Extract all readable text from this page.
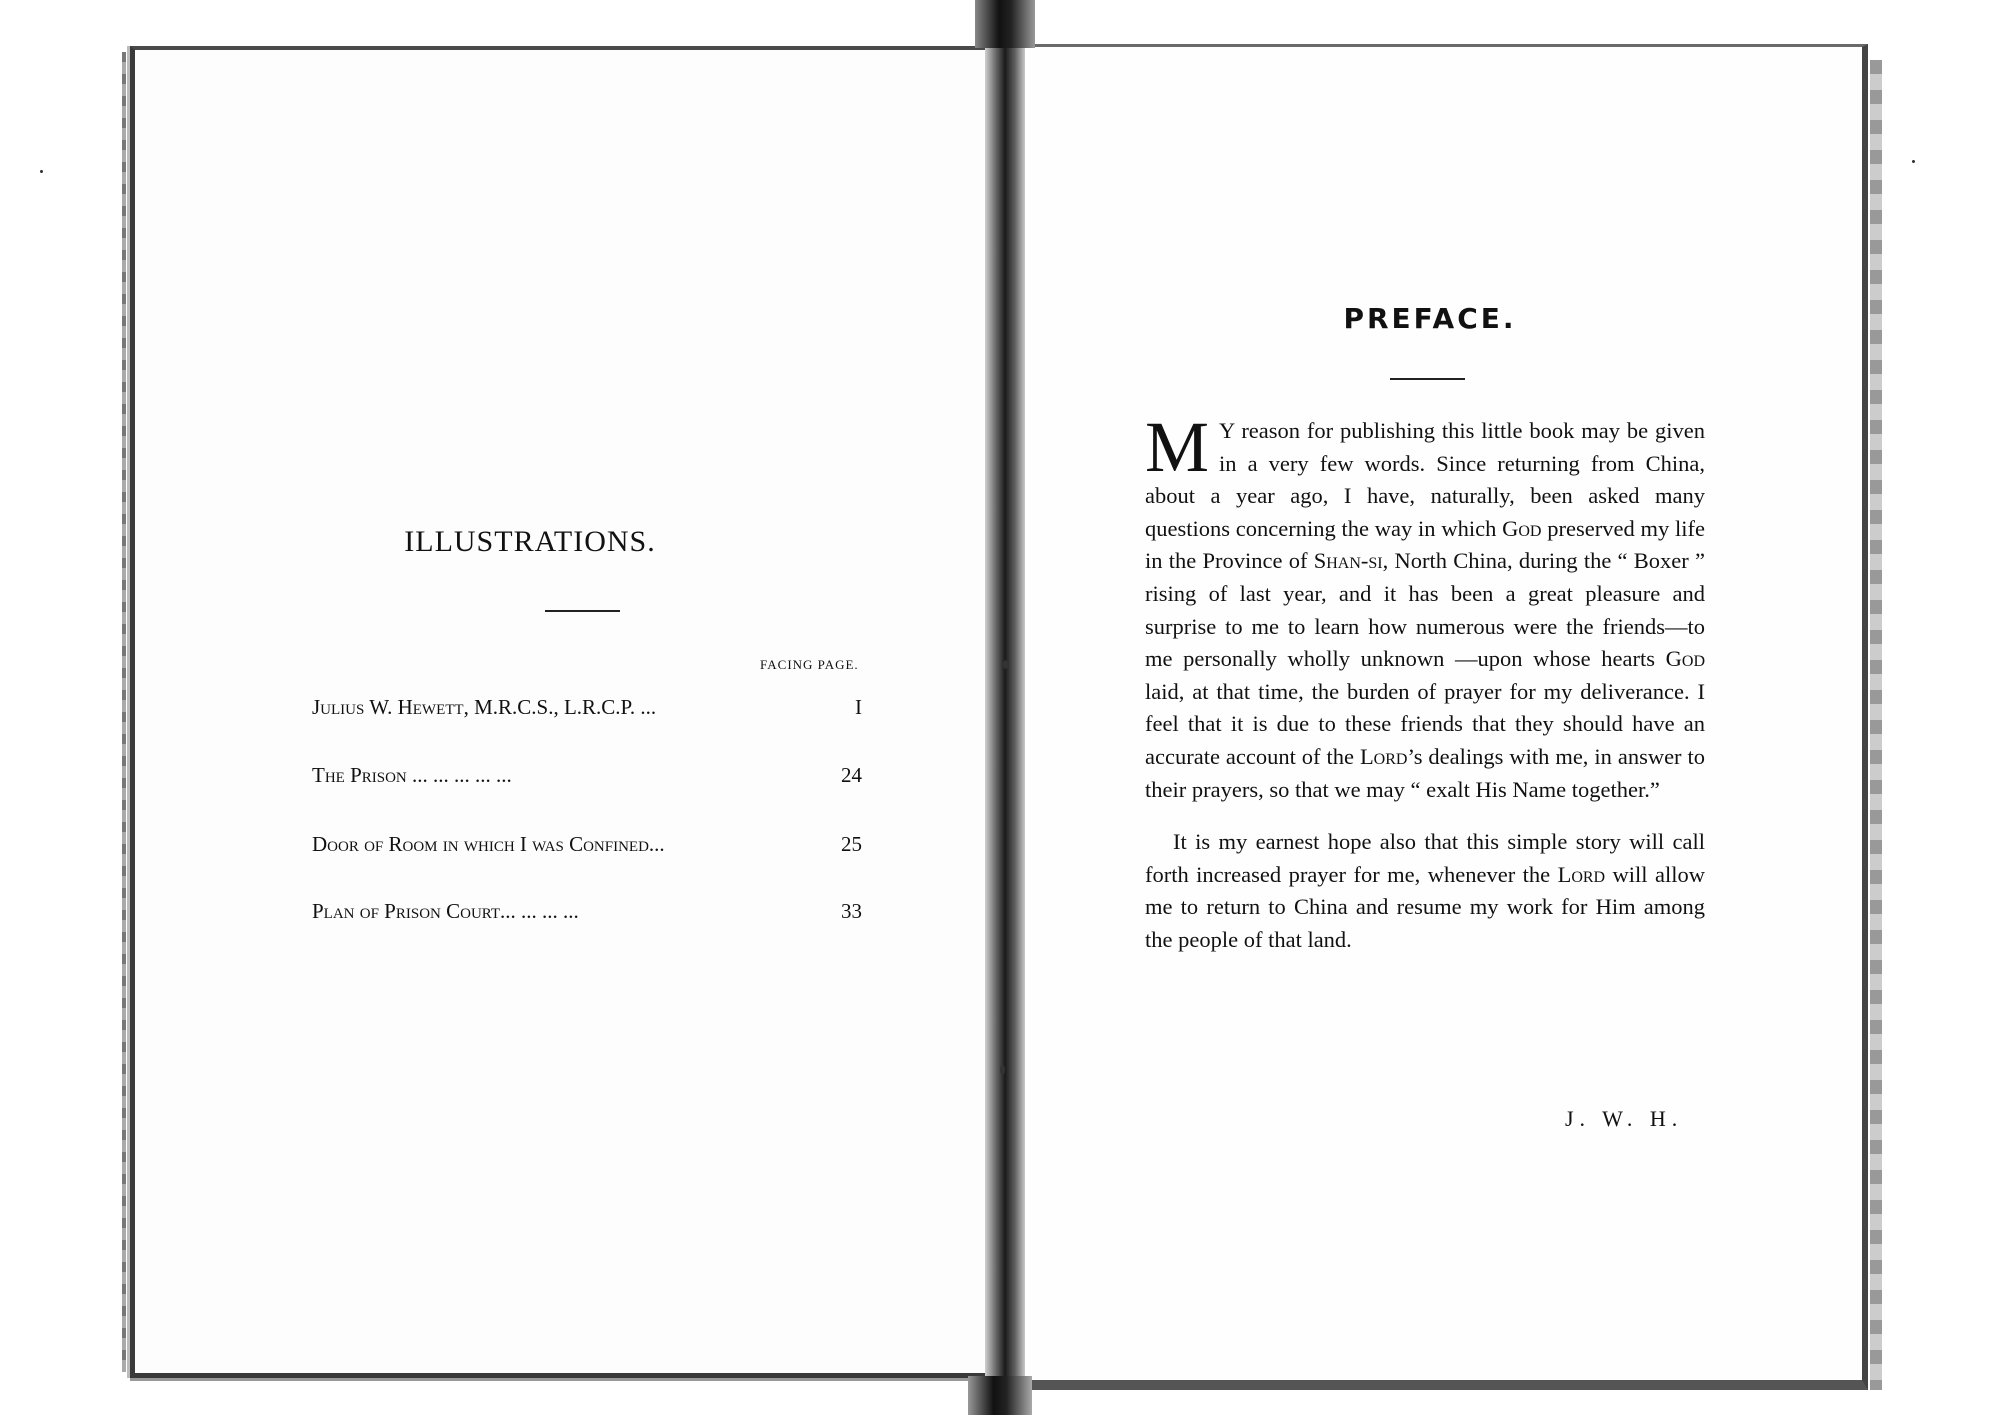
ILLUSTRATIONS.
FACING PAGE.
Julius W. Hewett, M.R.C.S., L.R.C.P. ...	I
The Prison ... ... ... ... ...	24
Door of Room in which I was Confined...	25
Plan of Prison Court... ... ... ...	33
PREFACE.

M Y reason for publishing this little book may be given in a very few words. Since returning from China, about a year ago, I have, naturally, been asked many questions concerning the way in which God preserved my life in the Province of Shan-si, North China, during the “ Boxer ” rising of last year, and it has been a great pleasure and surprise to me to learn how numerous were the friends—to me personally wholly unknown —upon whose hearts God laid, at that time, the burden of prayer for my deliverance. I feel that it is due to these friends that they should have an accurate account of the Lord’s dealings with me, in answer to their prayers, so that we may “ exalt His Name together.”

It is my earnest hope also that this simple story will call forth increased prayer for me, whenever the Lord will allow me to return to China and resume my work for Him among the people of that land.

J. W. H.
